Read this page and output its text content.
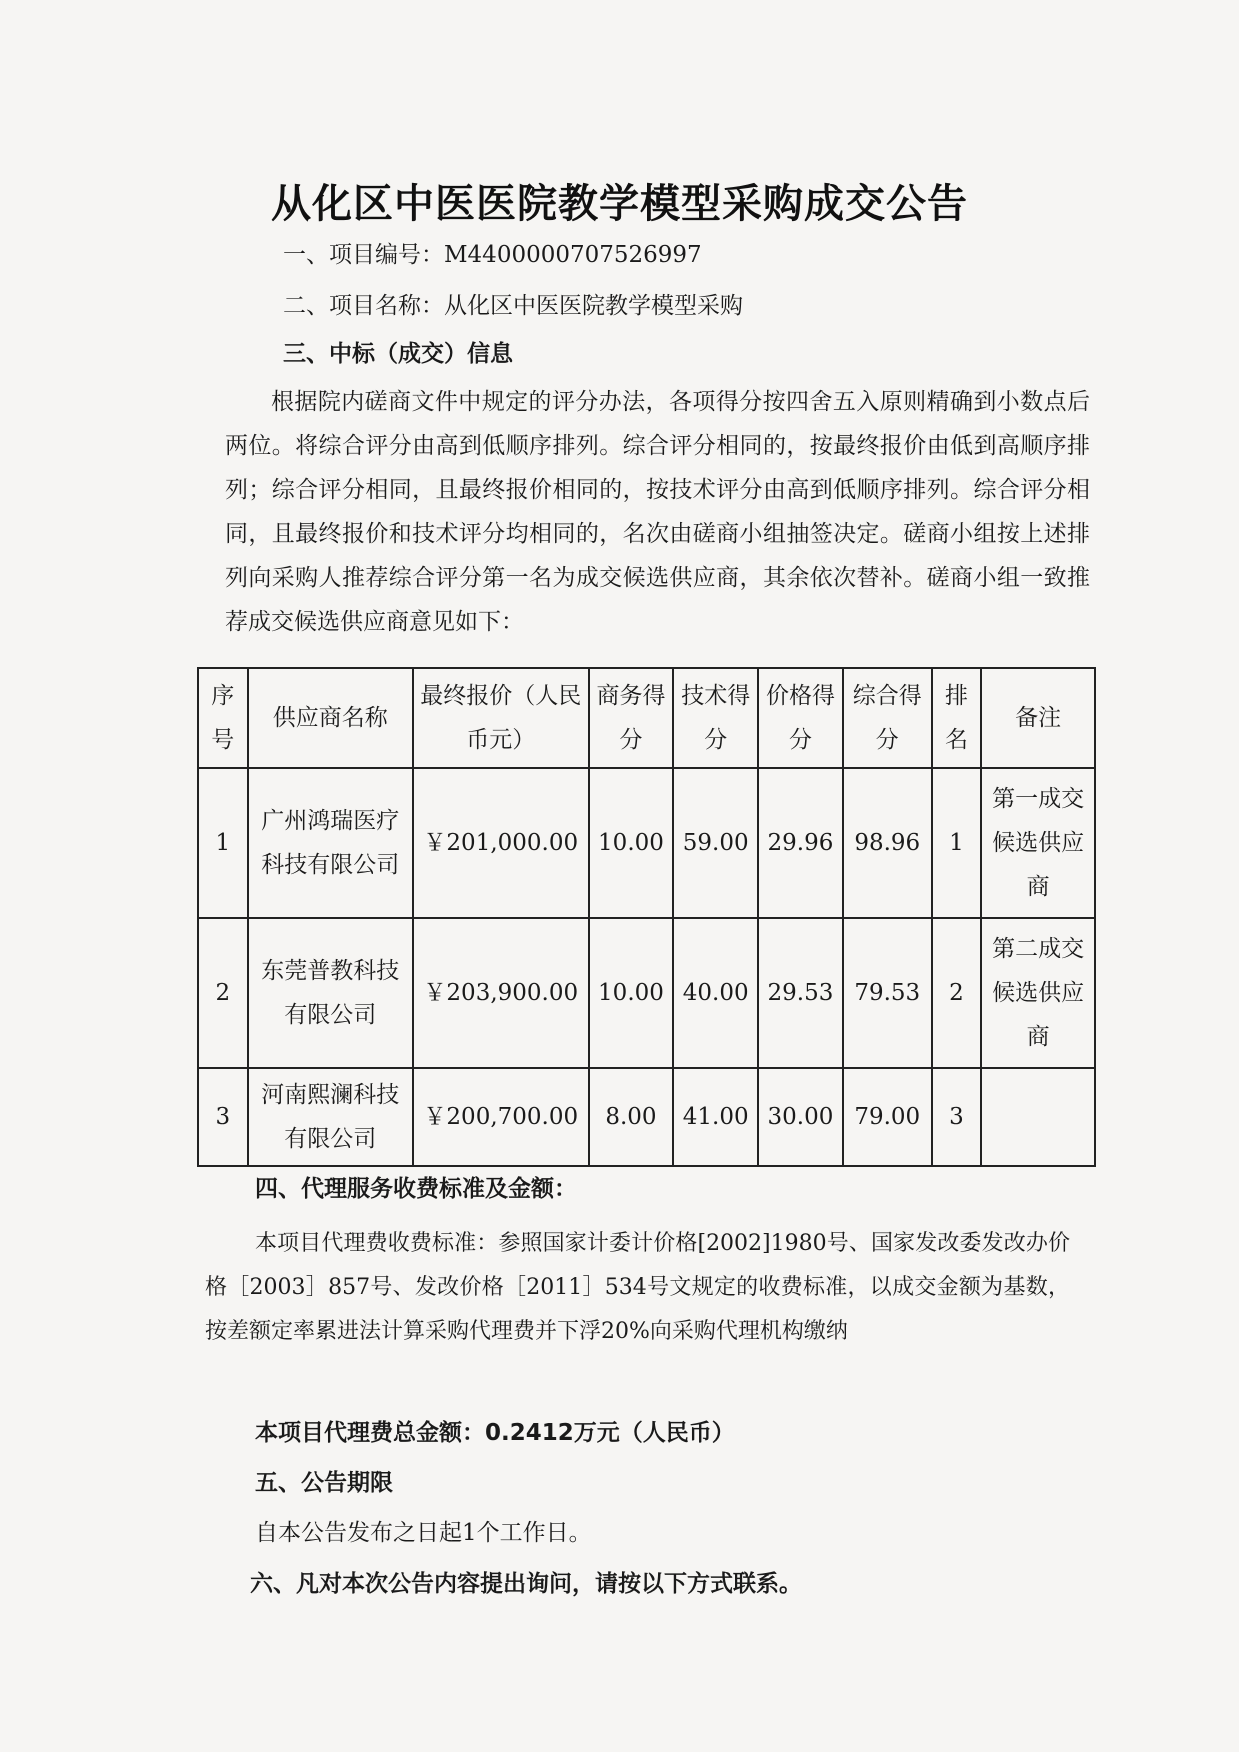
从化区中医医院教学模型采购成交公告
一、项目编号：M4400000707526997
二、项目名称：从化区中医医院教学模型采购
三、中标（成交）信息
根据院内磋商文件中规定的评分办法，各项得分按四舍五入原则精确到小数点后两位。将综合评分由高到低顺序排列。综合评分相同的，按最终报价由低到高顺序排列；综合评分相同，且最终报价相同的，按技术评分由高到低顺序排列。综合评分相同，且最终报价和技术评分均相同的，名次由磋商小组抽签决定。磋商小组按上述排列向采购人推荐综合评分第一名为成交候选供应商，其余依次替补。磋商小组一致推荐成交候选供应商意见如下：
序号	供应商名称	最终报价（人民币元）	商务得分	技术得分	价格得分	综合得分	排名	备注
1	广州鸿瑞医疗科技有限公司	￥201,000.00	10.00	59.00	29.96	98.96	1	第一成交候选供应商
2	东莞普教科技有限公司	￥203,900.00	10.00	40.00	29.53	79.53	2	第二成交候选供应商
3	河南熙澜科技有限公司	￥200,700.00	8.00	41.00	30.00	79.00	3	
四、代理服务收费标准及金额：
本项目代理费收费标准：参照国家计委计价格[2002]1980号、国家发改委发改办价格［2003］857号、发改价格［2011］534号文规定的收费标准，以成交金额为基数，按差额定率累进法计算采购代理费并下浮20%向采购代理机构缴纳
本项目代理费总金额：0.2412万元（人民币）
五、公告期限
自本公告发布之日起1个工作日。
六、凡对本次公告内容提出询问，请按以下方式联系。
